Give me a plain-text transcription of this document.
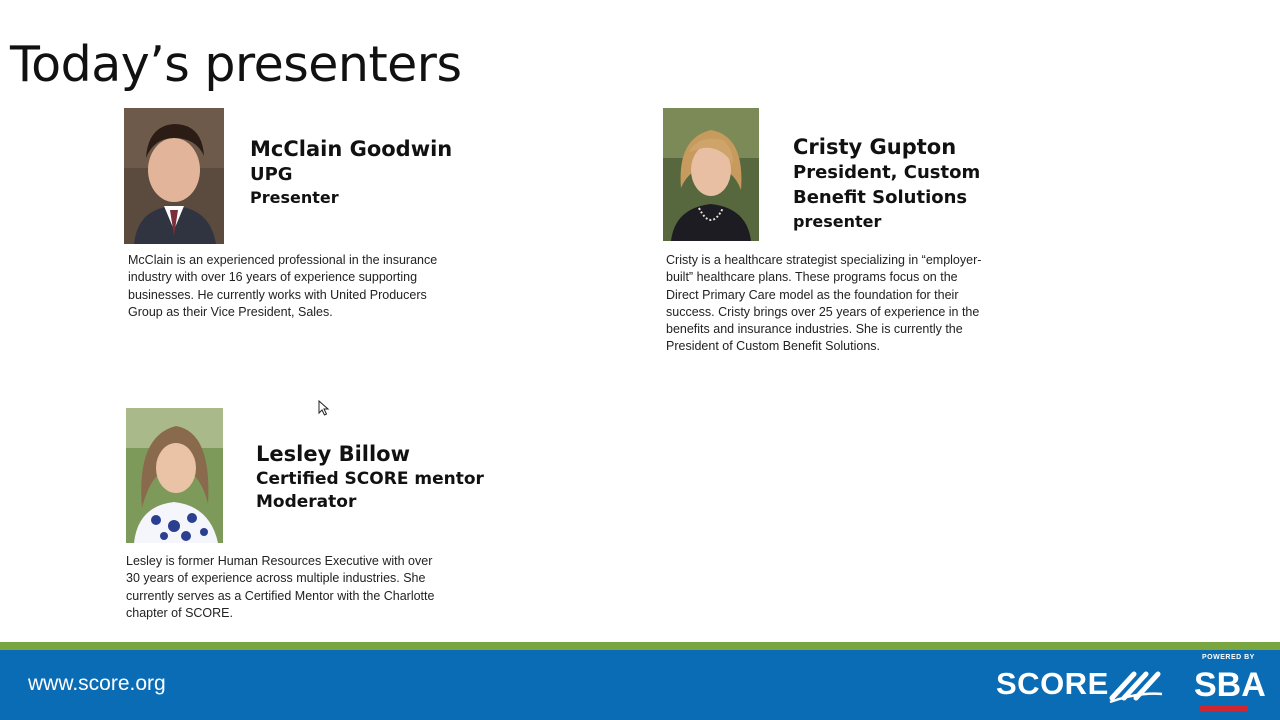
Today’s presenters
McClain Goodwin
UPG
Presenter
McClain is an experienced professional in the insurance
industry with over 16 years of experience supporting
businesses. He currently works with United Producers
Group as their Vice President, Sales.
Cristy Gupton
President, Custom
Benefit Solutions
presenter
Cristy is a healthcare strategist specializing in “employer-
built” healthcare plans. These programs focus on the
Direct Primary Care model as the foundation for their
success. Cristy brings over 25 years of experience in the
benefits and insurance industries. She is currently the
President of Custom Benefit Solutions.
Lesley Billow
Certified SCORE mentor
Moderator
Lesley is former Human Resources Executive with over
30 years of experience across multiple industries. She
currently serves as a Certified Mentor with the Charlotte
chapter of SCORE.
www.score.org	SCORE
POWERED BY
SBA
